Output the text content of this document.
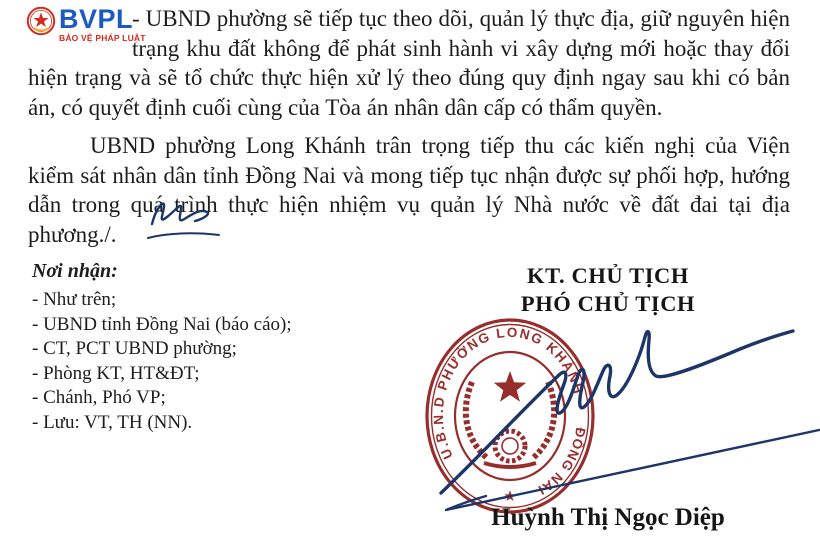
BVPL
BẢO VỆ PHÁP LUẬT
- UBND phường sẽ tiếp tục theo dõi, quản lý thực địa, giữ nguyên hiện trạng khu đất không để phát sinh hành vi xây dựng mới hoặc thay đổi hiện trạng và sẽ tổ chức thực hiện xử lý theo đúng quy định ngay sau khi có bản án, có quyết định cuối cùng của Tòa án nhân dân cấp có thẩm quyền.
UBND phường Long Khánh trân trọng tiếp thu các kiến nghị của Viện kiểm sát nhân dân tỉnh Đồng Nai và mong tiếp tục nhận được sự phối hợp, hướng dẫn trong quá trình thực hiện nhiệm vụ quản lý Nhà nước về đất đai tại địa phương./.
Nơi nhận:
- Như trên;
- UBND tỉnh Đồng Nai (báo cáo);
- CT, PCT UBND phường;
- Phòng KT, HT&ĐT;
- Chánh, Phó VP;
- Lưu: VT, TH (NN).
KT. CHỦ TỊCH
PHÓ CHỦ TỊCH
U.B.N.D PHƯỜNG LONG KHÁNH
ĐỒNG NAI
★
Huỳnh Thị Ngọc Diệp
